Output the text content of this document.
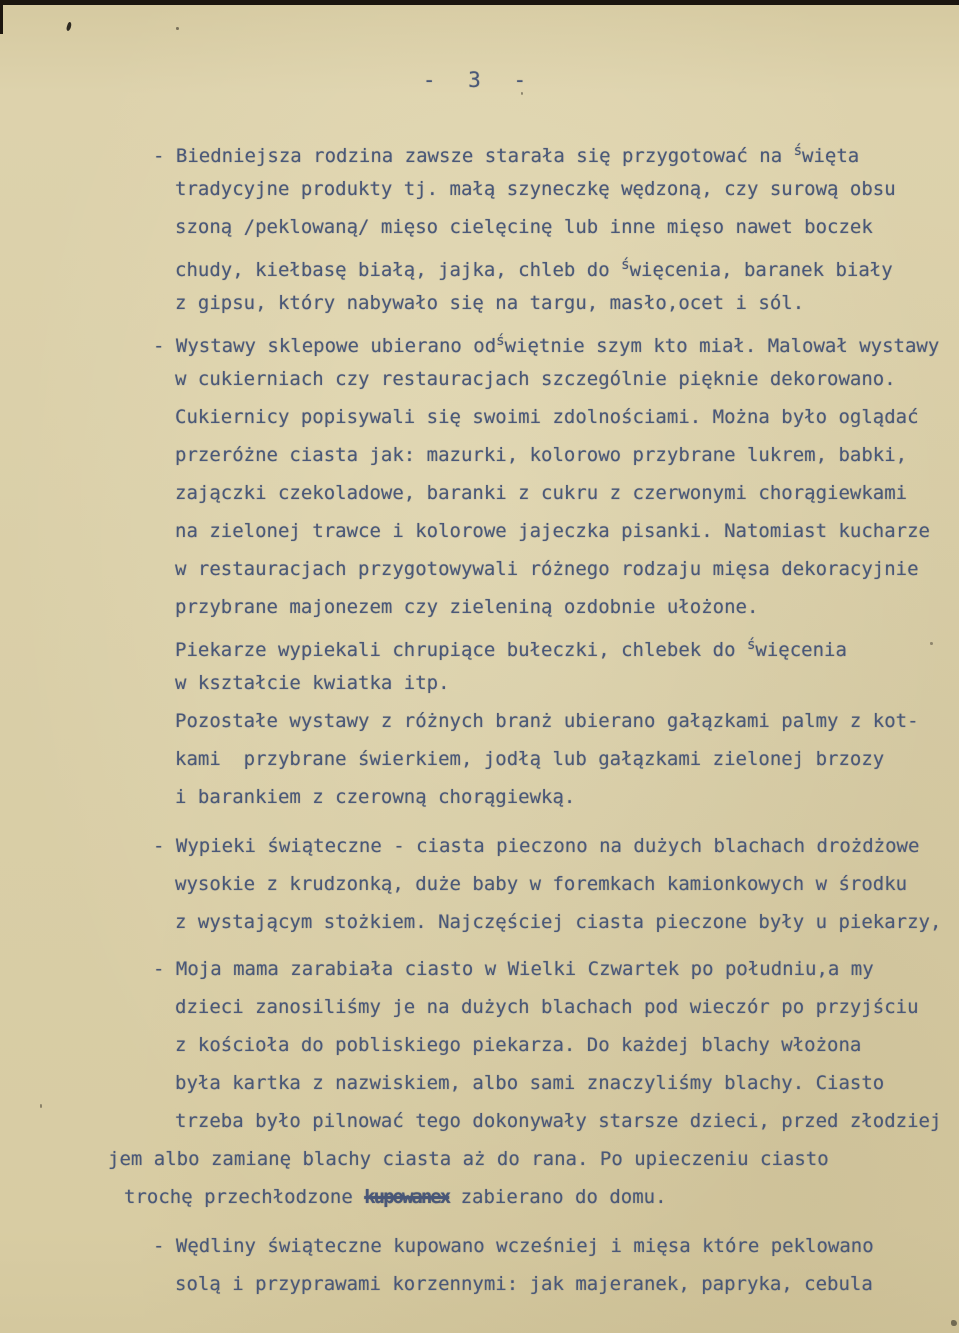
- 3 -
- Biedniejsza rodzina zawsze starała się przygotować na $^ś$więta
tradycyjne produkty tj. małą szyneczkę wędzoną, czy surową obsu
szoną /peklowaną/ mięso cielęcinę lub inne mięso nawet boczek
chudy, kiełbasę białą, jajka, chleb do $^ś$więcenia, baranek biały
z gipsu, który nabywało się na targu, masło,ocet i sól.
- Wystawy sklepowe ubierano $od^świętnie$ szym kto miał. Malował wystawy
w cukierniach czy restauracjach szczególnie pięknie dekorowano.
Cukiernicy popisywali się swoimi zdolnościami. Można było oglądać
przeróżne ciasta jak: mazurki, kolorowo przybrane lukrem, babki,
zajączki czekoladowe, baranki z cukru z czerwonymi chorągiewkami
na zielonej trawce i kolorowe jajeczka pisanki. Natomiast kucharze
w restauracjach przygotowywali różnego rodzaju mięsa dekoracyjnie
przybrane majonezem czy zieleniną ozdobnie ułożone.
Piekarze wypiekali chrupiące bułeczki, chlebek do $^ś$więcenia
w kształcie kwiatka itp.
Pozostałe wystawy z różnych branż ubierano gałązkami palmy z kot-
kami  przybrane świerkiem, jodłą lub gałązkami zielonej brzozy
i barankiem z czerowną chorągiewką.
- Wypieki świąteczne - ciasta pieczono na dużych blachach drożdżowe
wysokie z krudzonką, duże baby w foremkach kamionkowych w środku
z wystającym stożkiem. Najczęściej ciasta pieczone były u piekarzy,
- Moja mama zarabiała ciasto w Wielki Czwartek po południu,a my
dzieci zanosiliśmy je na dużych blachach pod wieczór po przyjściu
z kościoła do pobliskiego piekarza. Do każdej blachy włożona
była kartka z nazwiskiem, albo sami znaczyliśmy blachy. Ciasto
trzeba było pilnować tego dokonywały starsze dzieci, przed złodziej
jem albo zamianę blachy ciasta aż do rana. Po upieczeniu ciasto
trochę przechłodzone kupowanex zabierano do domu.
- Wędliny świąteczne kupowano wcześniej i mięsa które peklowano
solą i przyprawami korzennymi: jak majeranek, papryka, cebula
